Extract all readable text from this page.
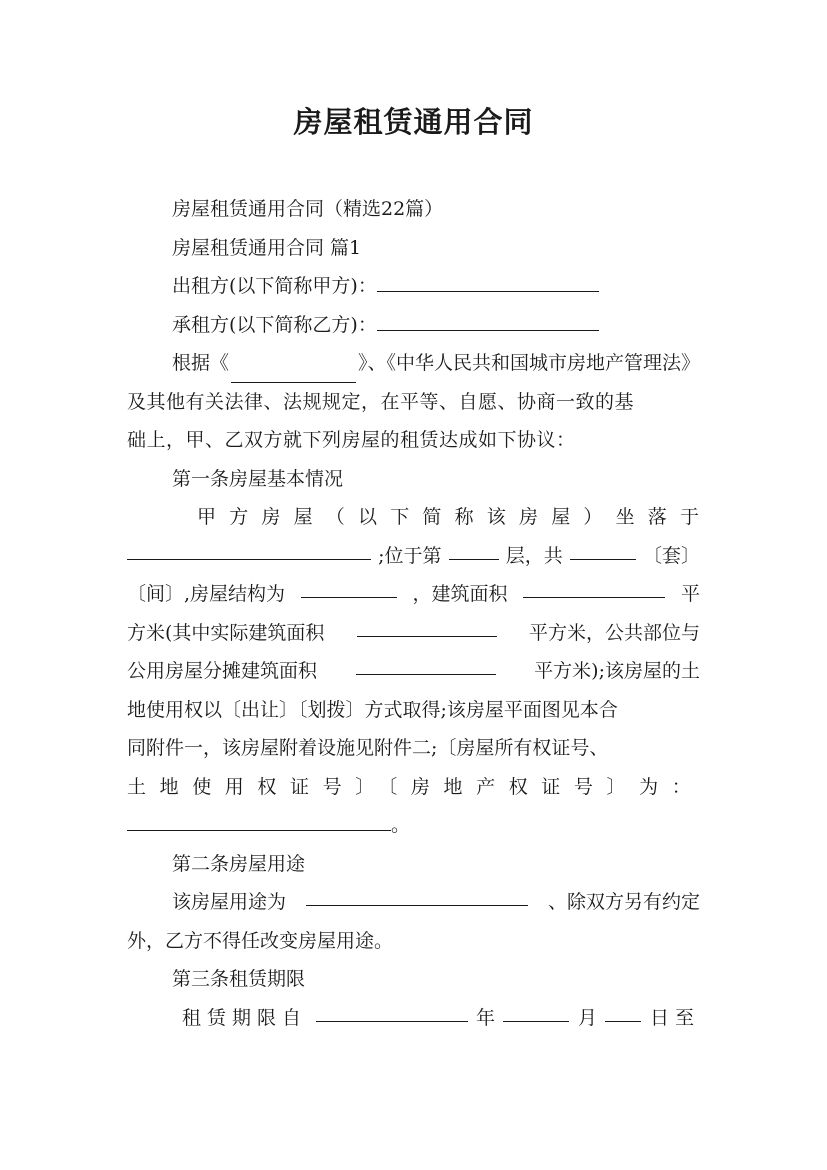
房屋租赁通用合同
房屋租赁通用合同（精选22篇）
房屋租赁通用合同 篇1
出租方(以下简称甲方)：
承租方(以下简称乙方)：
根据《	》、《中华人民共和国城市房地产管理法》
及其他有关法律、法规规定，在平等、自愿、协商一致的基
础上，甲、乙双方就下列房屋的租赁达成如下协议：
第一条房屋基本情况
甲方房屋（以下简称该房屋）坐落于
;位于第	层，共	〔套〕
〔间〕,房屋结构为	，建筑面积	平
方米(其中实际建筑面积	平方米，公共部位与
公用房屋分摊建筑面积	平方米);该房屋的土
地使用权以〔出让〕〔划拨〕方式取得;该房屋平面图见本合
同附件一，该房屋附着设施见附件二;〔房屋所有权证号、
土地使用权证号〕〔房地产权证号〕为：
。
第二条房屋用途
该房屋用途为	、除双方另有约定
外，乙方不得任改变房屋用途。
第三条租赁期限
租赁期限自	年	月	日至
